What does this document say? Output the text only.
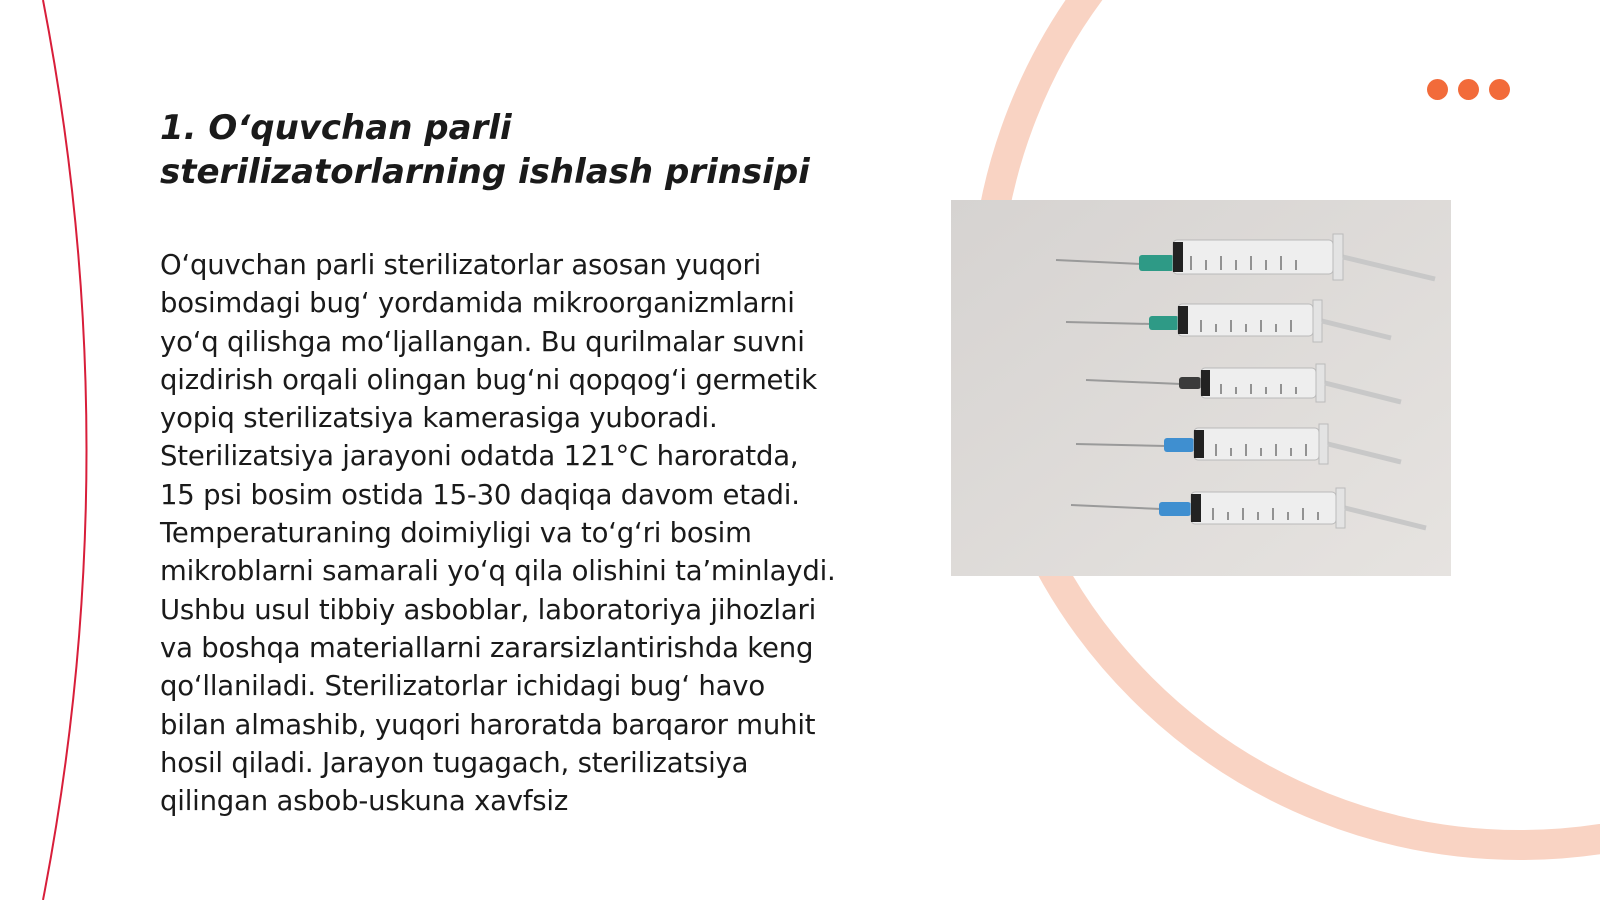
1. O‘quvchan parli sterilizatorlarning ishlash prinsipi

O‘quvchan parli sterilizatorlar asosan yuqori bosimdagi bug‘ yordamida mikroorganizmlarni yo‘q qilishga mo‘ljallangan. Bu qurilmalar suvni qizdirish orqali olingan bug‘ni qopqog‘i germetik yopiq sterilizatsiya kamerasiga yuboradi. Sterilizatsiya jarayoni odatda 121°C haroratda, 15 psi bosim ostida 15-30 daqiqa davom etadi. Temperaturaning doimiyligi va to‘g‘ri bosim mikroblarni samarali yo‘q qila olishini ta’minlaydi. Ushbu usul tibbiy asboblar, laboratoriya jihozlari va boshqa materiallarni zararsizlantirishda keng qo‘llaniladi. Sterilizatorlar ichidagi bug‘ havo bilan almashib, yuqori haroratda barqaror muhit hosil qiladi. Jarayon tugagach, sterilizatsiya qilingan asbob-uskuna xavfsiz
